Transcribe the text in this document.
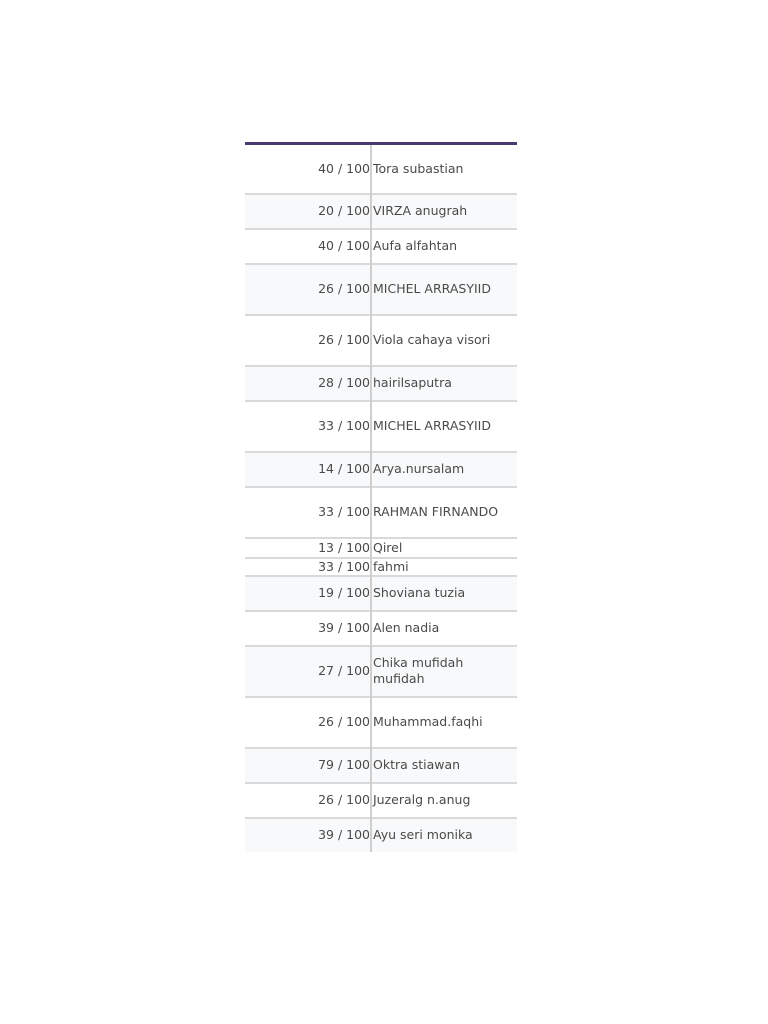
40 / 100	Tora subastian
20 / 100	VIRZA anugrah
40 / 100	Aufa alfahtan
26 / 100	MICHEL ARRASYIID
26 / 100	Viola cahaya visori
28 / 100	hairilsaputra
33 / 100	MICHEL ARRASYIID
14 / 100	Arya.nursalam
33 / 100	RAHMAN FIRNANDO
13 / 100	Qirel
33 / 100	fahmi
19 / 100	Shoviana tuzia
39 / 100	Alen nadia
27 / 100	Chika mufidah mufidah
26 / 100	Muhammad.faqhi
79 / 100	Oktra stiawan
26 / 100	Juzeralg n.anug
39 / 100	Ayu seri monika
